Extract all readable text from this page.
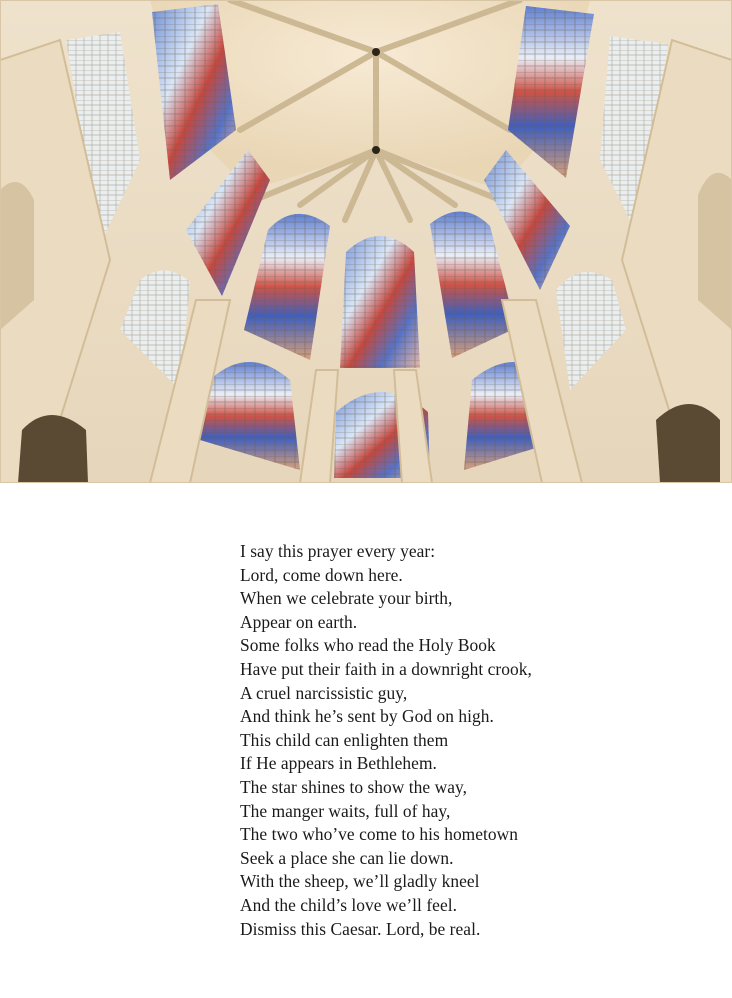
I say this prayer every year:
Lord, come down here.
When we celebrate your birth,
Appear on earth.
Some folks who read the Holy Book
Have put their faith in a downright crook,
A cruel narcissistic guy,
And think he’s sent by God on high.
This child can enlighten them
If He appears in Bethlehem.
The star shines to show the way,
The manger waits, full of hay,
The two who’ve come to his hometown
Seek a place she can lie down.
With the sheep, we’ll gladly kneel
And the child’s love we’ll feel.
Dismiss this Caesar. Lord, be real.
